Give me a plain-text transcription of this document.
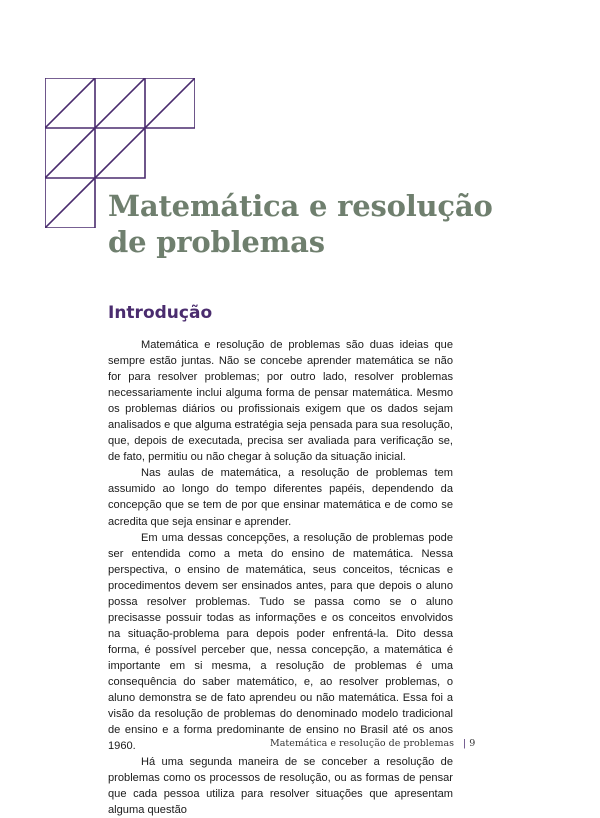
Matemática e resolução de problemas
Introdução

Matemática e resolução de problemas são duas ideias que sempre estão juntas. Não se concebe aprender matemática se não for para resolver problemas; por outro lado, resolver problemas necessariamente inclui alguma forma de pensar matemática. Mesmo os problemas diários ou profissionais exigem que os dados sejam analisados e que alguma estratégia seja pensada para sua resolução, que, depois de executada, precisa ser avaliada para verificação se, de fato, permitiu ou não chegar à solução da situação inicial.

Nas aulas de matemática, a resolução de problemas tem assumido ao longo do tempo diferentes papéis, dependendo da concepção que se tem de por que ensinar matemática e de como se acredita que seja ensinar e aprender.

Em uma dessas concepções, a resolução de problemas pode ser entendida como a meta do ensino de matemática. Nessa perspectiva, o ensino de matemática, seus conceitos, técnicas e procedimentos devem ser ensinados antes, para que depois o aluno possa resolver problemas. Tudo se passa como se o aluno precisasse possuir todas as informações e os conceitos envolvidos na situação-problema para depois poder enfrentá-la. Dito dessa forma, é possível perceber que, nessa concepção, a matemática é importante em si mesma, a resolução de problemas é uma consequência do saber matemático, e, ao resolver problemas, o aluno demonstra se de fato aprendeu ou não matemática. Essa foi a visão da resolução de problemas do denominado modelo tradicional de ensino e a forma predominante de ensino no Brasil até os anos 1960.

Há uma segunda maneira de se conceber a resolução de problemas como os processos de resolução, ou as formas de pensar que cada pessoa utiliza para resolver situações que apresentam alguma questão

Matemática e resolução de problemas | 9
